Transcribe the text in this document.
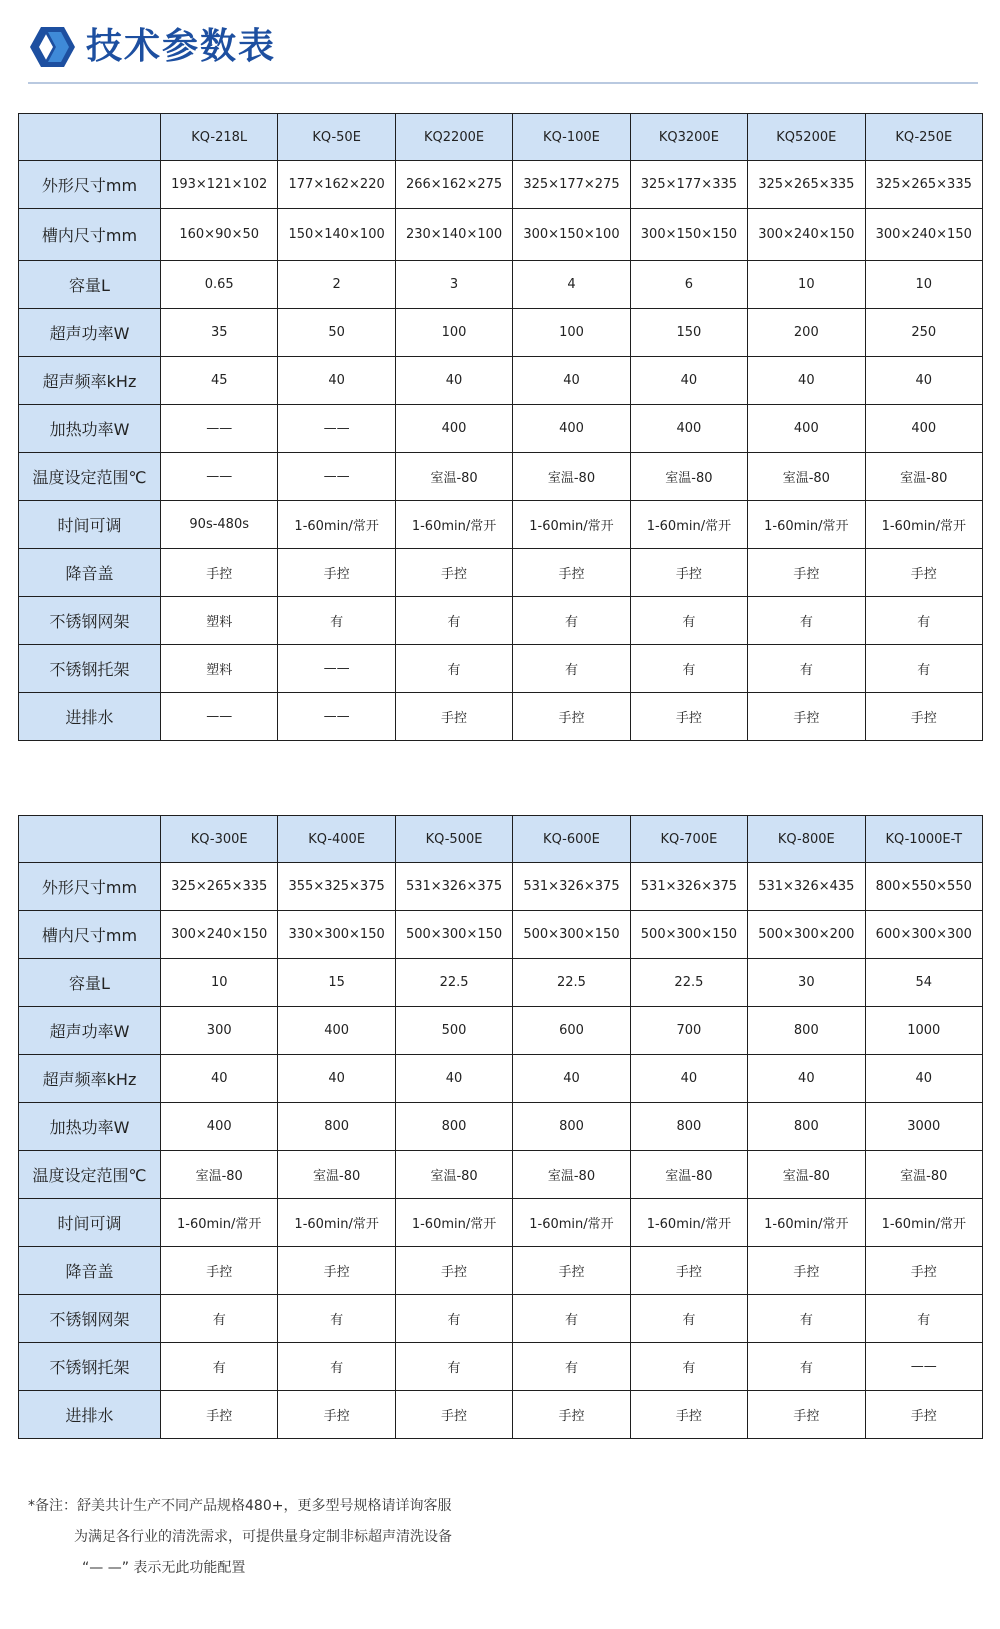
技术参数表
	KQ-218L	KQ-50E	KQ2200E	KQ-100E	KQ3200E	KQ5200E	KQ-250E
外形尺寸mm	193×121×102	177×162×220	266×162×275	325×177×275	325×177×335	325×265×335	325×265×335
槽内尺寸mm	160×90×50	150×140×100	230×140×100	300×150×100	300×150×150	300×240×150	300×240×150
容量L	0.65	2	3	4	6	10	10
超声功率W	35	50	100	100	150	200	250
超声频率kHz	45	40	40	40	40	40	40
加热功率W	——	——	400	400	400	400	400
温度设定范围℃	——	——	室温-80	室温-80	室温-80	室温-80	室温-80
时间可调	90s-480s	1-60min/常开	1-60min/常开	1-60min/常开	1-60min/常开	1-60min/常开	1-60min/常开
降音盖	手控	手控	手控	手控	手控	手控	手控
不锈钢网架	塑料	有	有	有	有	有	有
不锈钢托架	塑料	——	有	有	有	有	有
进排水	——	——	手控	手控	手控	手控	手控
	KQ-300E	KQ-400E	KQ-500E	KQ-600E	KQ-700E	KQ-800E	KQ-1000E-T
外形尺寸mm	325×265×335	355×325×375	531×326×375	531×326×375	531×326×375	531×326×435	800×550×550
槽内尺寸mm	300×240×150	330×300×150	500×300×150	500×300×150	500×300×150	500×300×200	600×300×300
容量L	10	15	22.5	22.5	22.5	30	54
超声功率W	300	400	500	600	700	800	1000
超声频率kHz	40	40	40	40	40	40	40
加热功率W	400	800	800	800	800	800	3000
温度设定范围℃	室温-80	室温-80	室温-80	室温-80	室温-80	室温-80	室温-80
时间可调	1-60min/常开	1-60min/常开	1-60min/常开	1-60min/常开	1-60min/常开	1-60min/常开	1-60min/常开
降音盖	手控	手控	手控	手控	手控	手控	手控
不锈钢网架	有	有	有	有	有	有	有
不锈钢托架	有	有	有	有	有	有	——
进排水	手控	手控	手控	手控	手控	手控	手控
*备注：舒美共计生产不同产品规格480+，更多型号规格请详询客服
为满足各行业的清洗需求，可提供量身定制非标超声清洗设备
“— —” 表示无此功能配置
